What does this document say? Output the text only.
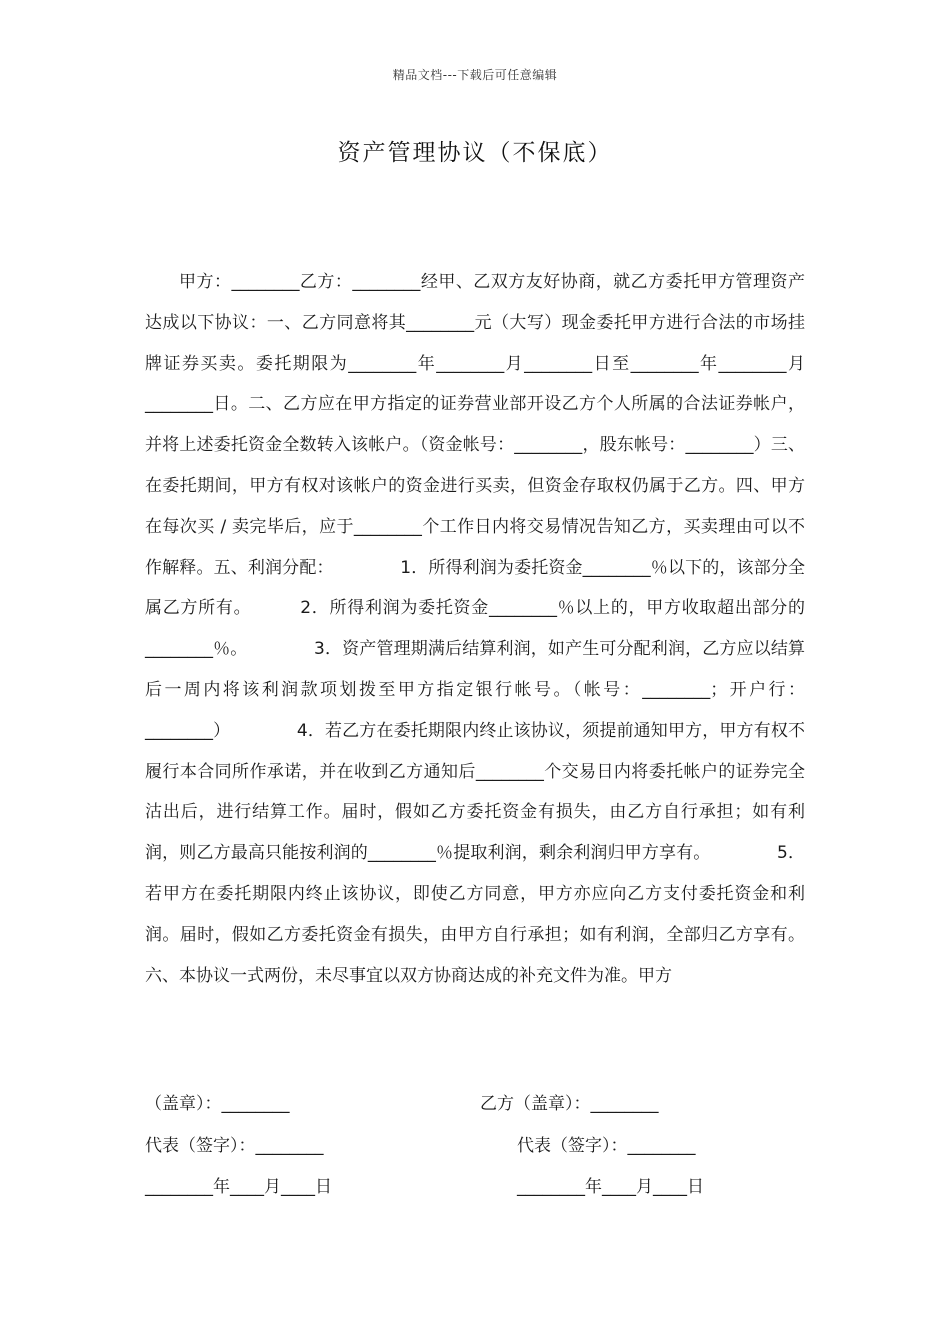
精品文档---下载后可任意编辑
资产管理协议（不保底）

甲方：________乙方：________经甲、乙双方友好协商，就乙方委托甲方管理资产达成以下协议：一、乙方同意将其________元（大写）现金委托甲方进行合法的市场挂牌证券买卖。委托期限为________年________月________日至________年________月________日。二、乙方应在甲方指定的证券营业部开设乙方个人所属的合法证券帐户，并将上述委托资金全数转入该帐户。（资金帐号：________，股东帐号：________）三、在委托期间，甲方有权对该帐户的资金进行买卖，但资金存取权仍属于乙方。四、甲方在每次买 / 卖完毕后，应于________个工作日内将交易情况告知乙方，买卖理由可以不作解释。五、利润分配：            1．所得利润为委托资金________％以下的，该部分全属乙方所有。        2．所得利润为委托资金________％以上的，甲方收取超出部分的________％。            3．资产管理期满后结算利润，如产生可分配利润，乙方应以结算后一周内将该利润款项划拨至甲方指定银行帐号。（帐号：________；开户行：________）            4．若乙方在委托期限内终止该协议，须提前通知甲方，甲方有权不履行本合同所作承诺，并在收到乙方通知后________个交易日内将委托帐户的证券完全沽出后，进行结算工作。届时，假如乙方委托资金有损失，由乙方自行承担；如有利润，则乙方最高只能按利润的________％提取利润，剩余利润归甲方享有。            5．若甲方在委托期限内终止该协议，即使乙方同意，甲方亦应向乙方支付委托资金和利润。届时，假如乙方委托资金有损失，由甲方自行承担；如有利润，全部归乙方享有。六、本协议一式两份，未尽事宜以双方协商达成的补充文件为准。甲方

（盖章）：________	乙方（盖章）：________
代表（签字）：________	代表（签字）：________
________年____月____日	________年____月____日
